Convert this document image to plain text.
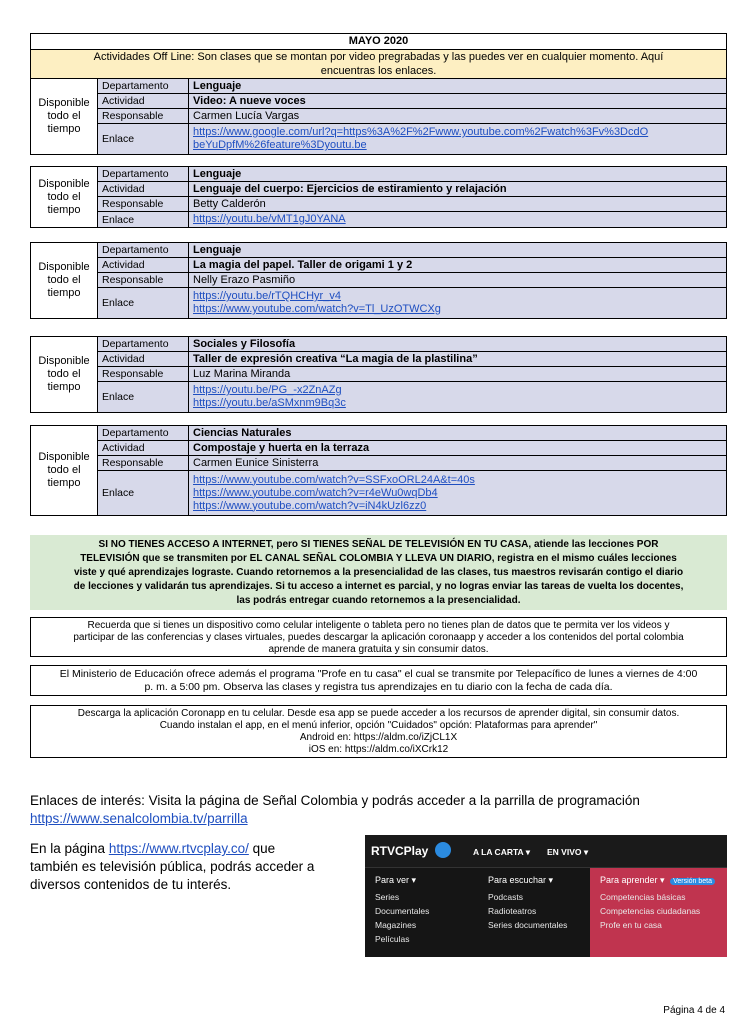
MAYO 2020
Actividades Off Line: Son clases que se montan por video pregrabadas y las puedes ver en cualquier momento. Aquí
encuentras los enlaces.
Disponible
todo el
tiempo	Departamento	Lenguaje
	Actividad	Video: A nueve voces
	Responsable	Carmen Lucía Vargas
	Enlace	https://www.google.com/url?q=https%3A%2F%2Fwww.youtube.com%2Fwatch%3Fv%3DcdO
beYuDpfM%26feature%3Dyoutu.be
Disponible
todo el
tiempo	Departamento	Lenguaje
	Actividad	Lenguaje del cuerpo: Ejercicios de estiramiento y relajación
	Responsable	Betty Calderón
	Enlace	https://youtu.be/vMT1gJ0YANA
Disponible
todo el
tiempo	Departamento	Lenguaje
	Actividad	La magia del papel. Taller de origami 1 y 2
	Responsable	Nelly Erazo Pasmiño
	Enlace	https://youtu.be/rTQHCHyr_v4
https://www.youtube.com/watch?v=Tl_UzOTWCXg
Disponible
todo el
tiempo	Departamento	Sociales y Filosofía
	Actividad	Taller de expresión creativa “La magia de la plastilina”
	Responsable	Luz Marina Miranda
	Enlace	https://youtu.be/PG_-x2ZnAZg
https://youtu.be/aSMxnm9Bq3c
Disponible
todo el
tiempo	Departamento	Ciencias Naturales
	Actividad	Compostaje y huerta en la terraza
	Responsable	Carmen Eunice Sinisterra
	Enlace	https://www.youtube.com/watch?v=SSFxoORL24A&t=40s
https://www.youtube.com/watch?v=r4eWu0wqDb4
https://www.youtube.com/watch?v=iN4kUzl6zz0
SI NO TIENES ACCESO A INTERNET, pero SI TIENES SEÑAL DE TELEVISIÓN EN TU CASA, atiende las lecciones POR
TELEVISIÓN que se transmiten por EL CANAL SEÑAL COLOMBIA Y LLEVA UN DIARIO, registra en el mismo cuáles lecciones
viste y qué aprendizajes lograste. Cuando retornemos a la presencialidad de las clases, tus maestros revisarán contigo el diario
de lecciones y validarán tus aprendizajes. Si tu acceso a internet es parcial, y no logras enviar las tareas de vuelta los docentes,
las podrás entregar cuando retornemos a la presencialidad.
Recuerda que si tienes un dispositivo como celular inteligente o tableta pero no tienes plan de datos que te permita ver los videos y
participar de las conferencias y clases virtuales, puedes descargar la aplicación coronaapp y acceder a los contenidos del portal colombia
aprende de manera gratuita y sin consumir datos.
El Ministerio de Educación ofrece además el programa "Profe en tu casa" el cual se transmite por Telepacífico de lunes a viernes de 4:00
p. m. a 5:00 pm. Observa las clases y registra tus aprendizajes en tu diario con la fecha de cada día.
Descarga la aplicación Coronapp en tu celular. Desde esa app se puede acceder a los recursos de aprender digital, sin consumir datos.
Cuando instalan el app, en el menú inferior, opción "Cuidados" opción: Plataformas para aprender"
Android en: https://aldm.co/iZjCL1X
iOS en: https://aldm.co/iXCrk12
Enlaces de interés: Visita la página de Señal Colombia y podrás acceder a la parrilla de programación
https://www.senalcolombia.tv/parrilla
En la página https://www.rtvcplay.co/ que
también es televisión pública, podrás acceder a
diversos contenidos de tu interés.
RTVCPlay	A LA CARTA ▾ EN VIVO ▾
Para ver ▾
Series
Documentales
Magazines
Películas
Para escuchar ▾
Podcasts
Radioteatros
Series documentales
Para aprender ▾ Versión beta
Competencias básicas
Competencias ciudadanas
Profe en tu casa
Página 4 de 4
